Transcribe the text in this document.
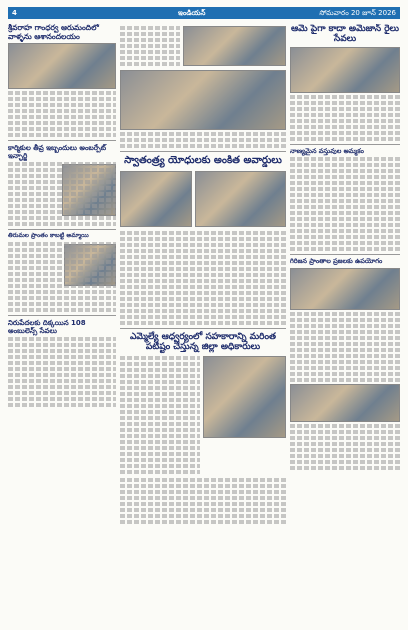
4	ఇండియన్	సోమవారం 20 జూన్ 2026
శ్రీవరాహ గాంధర్వ ఆరుమందిలో వాళ్ళను ఆశానందలయం
కార్మికుల తీవ్ర ఇబ్బందులు అంబర్పేట్ ఇన్ఛార్జి
తిరుమల ప్రాంతం కాబట్టి అమ్మాయి
నిరుపేదలకు దిక్కయిన 108 అంబులెన్స్ సేవలు
స్వాతంత్ర్య యోధులకు అంకిత అవార్డులు
ఎమ్మెల్యే ఆధ్వర్యంలో సహకారాన్ని మరింత పటిష్టం చేస్తున్న జిల్లా అధికారులు
ఆమె పైగా కాదా అమెజాన్ రైలు సేవలు
నాణ్యమైన వస్తువుల అమ్మకం
గిరిజన ప్రాంతాల ప్రజలకు ఉపయోగం
